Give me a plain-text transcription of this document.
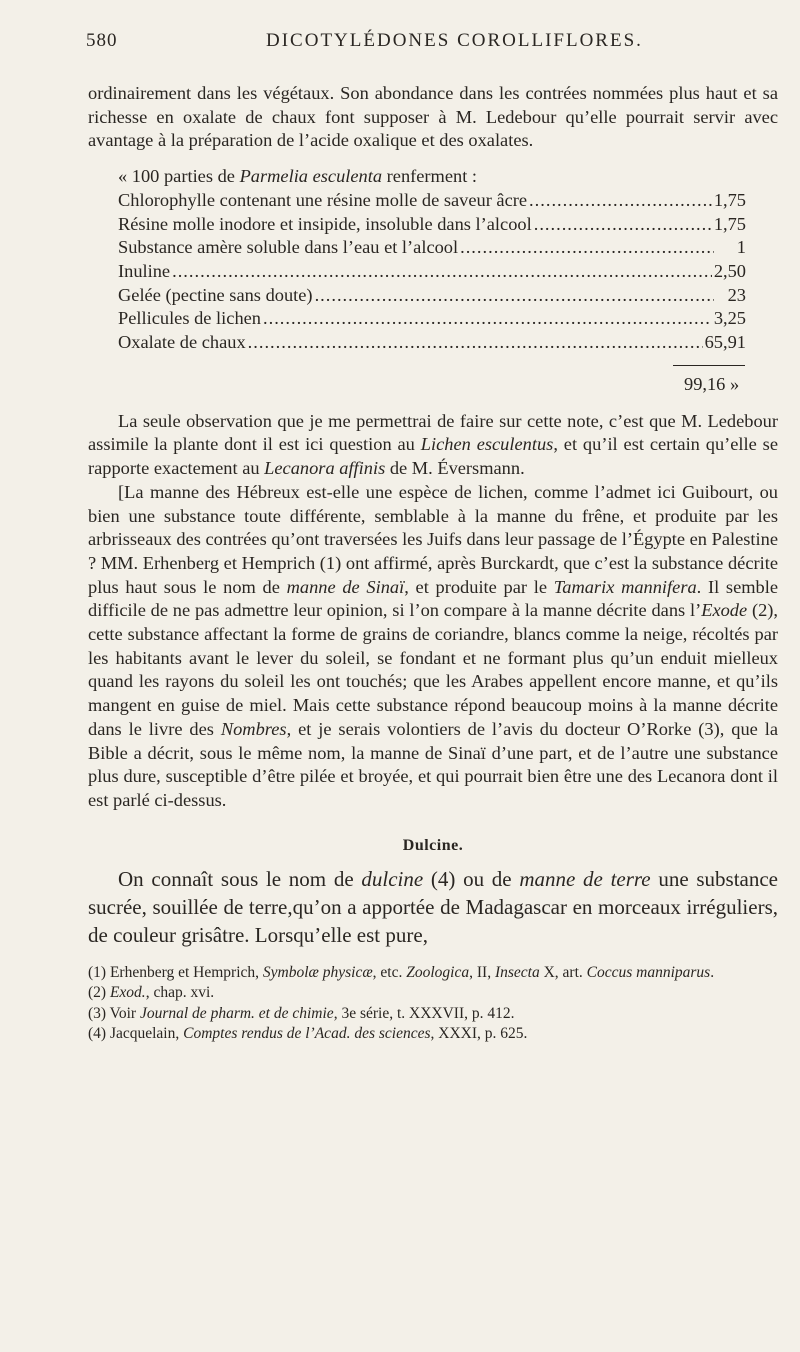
580	DICOTYLÉDONES COROLLIFLORES.

ordinairement dans les végétaux. Son abondance dans les contrées nommées plus haut et sa richesse en oxalate de chaux font supposer à M. Ledebour qu’elle pourrait servir avec avantage à la préparation de l’acide oxalique et des oxalates.

« 100 parties de Parmelia esculenta renferment :
Chlorophylle contenant une résine molle de saveur âcre .....	1,75
Résine molle inodore et insipide, insoluble dans l’alcool .....	1,75
Substance amère soluble dans l’eau et l’alcool .....	1
Inuline .....	2,50
Gelée (pectine sans doute) .....	23
Pellicules de lichen .....	3,25
Oxalate de chaux .....	65,91
99,16 »

La seule observation que je me permettrai de faire sur cette note, c’est que M. Ledebour assimile la plante dont il est ici question au Lichen esculentus, et qu’il est certain qu’elle se rapporte exactement au Lecanora affinis de M. Éversmann.

[La manne des Hébreux est-elle une espèce de lichen, comme l’admet ici Guibourt, ou bien une substance toute différente, semblable à la manne du frêne, et produite par les arbrisseaux des contrées qu’ont traversées les Juifs dans leur passage de l’Égypte en Palestine ? MM. Erhenberg et Hemprich (1) ont affirmé, après Burckardt, que c’est la substance décrite plus haut sous le nom de manne de Sinaï, et produite par le Tamarix mannifera. Il semble difficile de ne pas admettre leur opinion, si l’on compare à la manne décrite dans l’Exode (2), cette substance affectant la forme de grains de coriandre, blancs comme la neige, récoltés par les habitants avant le lever du soleil, se fondant et ne formant plus qu’un enduit mielleux quand les rayons du soleil les ont touchés; que les Arabes appellent encore manne, et qu’ils mangent en guise de miel. Mais cette substance répond beaucoup moins à la manne décrite dans le livre des Nombres, et je serais volontiers de l’avis du docteur O’Rorke (3), que la Bible a décrit, sous le même nom, la manne de Sinaï d’une part, et de l’autre une substance plus dure, susceptible d’être pilée et broyée, et qui pourrait bien être une des Lecanora dont il est parlé ci-dessus.

Dulcine.

On connaît sous le nom de dulcine (4) ou de manne de terre une substance sucrée, souillée de terre,qu’on a apportée de Madagascar en morceaux irréguliers, de couleur grisâtre. Lorsqu’elle est pure,

(1) Erhenberg et Hemprich, Symbolæ physicæ, etc. Zoologica, II, Insecta X, art. Coccus manniparus.

(2) Exod., chap. xvi.

(3) Voir Journal de pharm. et de chimie, 3e série, t. XXXVII, p. 412.

(4) Jacquelain, Comptes rendus de l’Acad. des sciences, XXXI, p. 625.
